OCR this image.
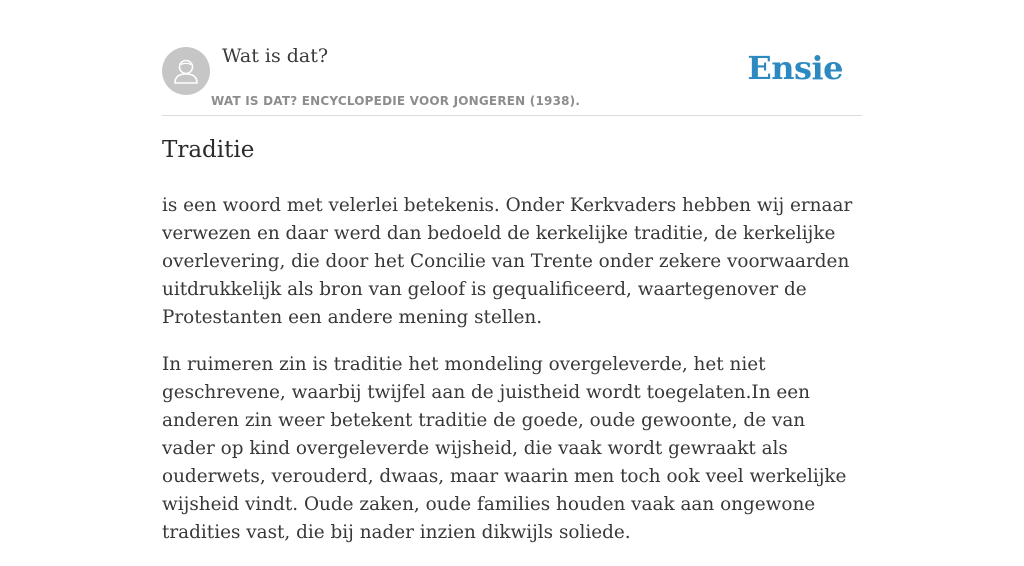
Wat is dat?
WAT IS DAT? ENCYCLOPEDIE VOOR JONGEREN (1938).
Ensie
Traditie

is een woord met velerlei betekenis. Onder Kerkvaders hebben wij ernaar verwezen en daar werd dan bedoeld de kerkelijke traditie, de kerkelijke overlevering, die door het Concilie van Trente onder zekere voorwaarden uitdrukkelijk als bron van geloof is gequalificeerd, waartegenover de Protestanten een andere mening stellen.

In ruimeren zin is traditie het mondeling overgeleverde, het niet geschrevene, waarbij twijfel aan de juistheid wordt toegelaten.In een anderen zin weer betekent traditie de goede, oude gewoonte, de van vader op kind overgeleverde wijsheid, die vaak wordt gewraakt als ouderwets, verouderd, dwaas, maar waarin men toch ook veel werkelijke wijsheid vindt. Oude zaken, oude families houden vaak aan ongewone tradities vast, die bij nader inzien dikwijls soliede.
